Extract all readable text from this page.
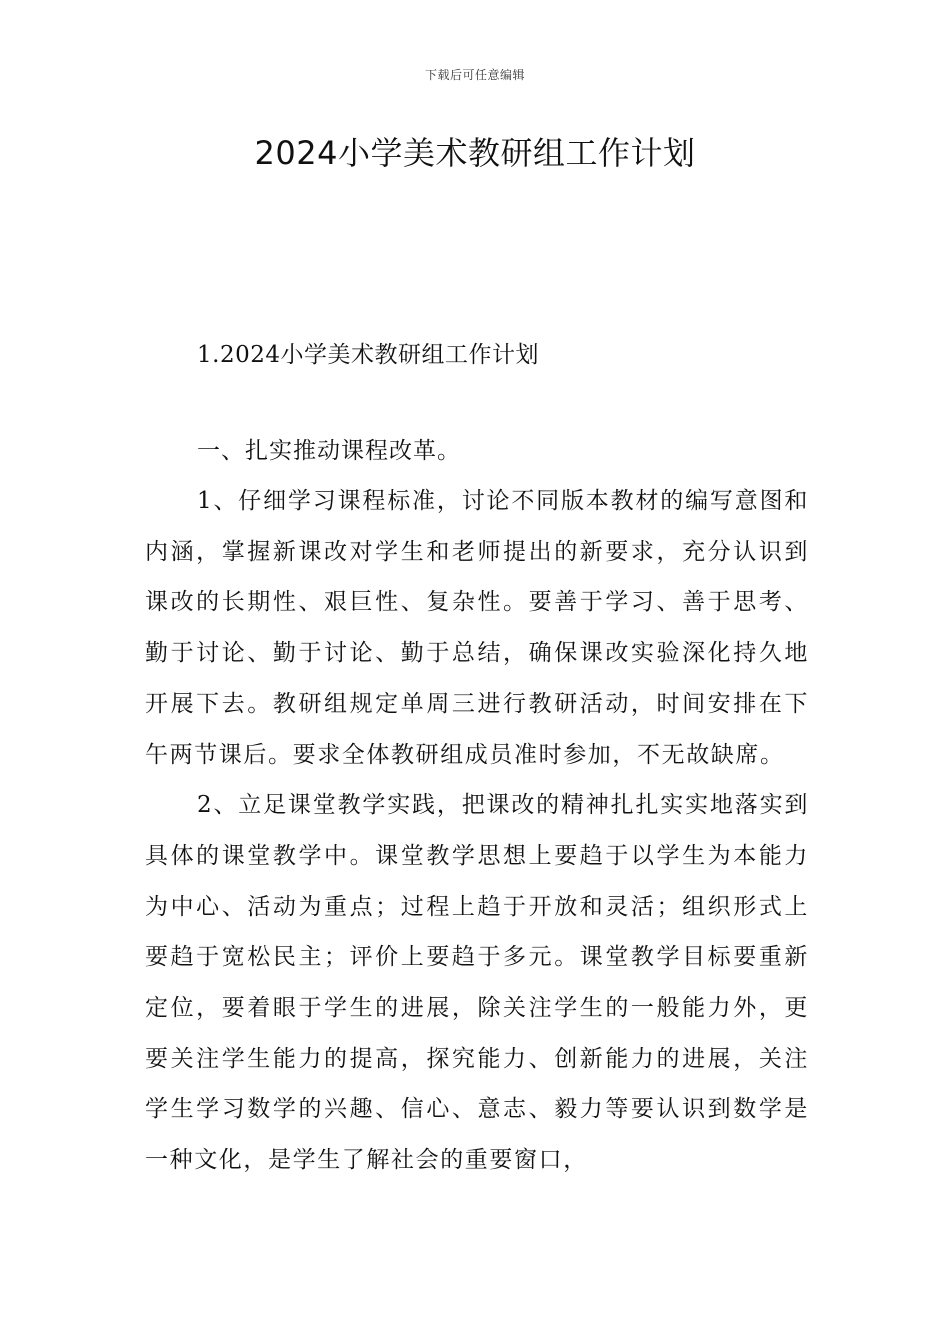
下载后可任意编辑
2024小学美术教研组工作计划
1.2024小学美术教研组工作计划
一、扎实推动课程改革。

1、仔细学习课程标准，讨论不同版本教材的编写意图和内涵，掌握新课改对学生和老师提出的新要求，充分认识到课改的长期性、艰巨性、复杂性。要善于学习、善于思考、勤于讨论、勤于讨论、勤于总结，确保课改实验深化持久地开展下去。教研组规定单周三进行教研活动，时间安排在下午两节课后。要求全体教研组成员准时参加，不无故缺席。

2、立足课堂教学实践，把课改的精神扎扎实实地落实到具体的课堂教学中。课堂教学思想上要趋于以学生为本能力为中心、活动为重点；过程上趋于开放和灵活；组织形式上要趋于宽松民主；评价上要趋于多元。课堂教学目标要重新定位，要着眼于学生的进展，除关注学生的一般能力外，更要关注学生能力的提高，探究能力、创新能力的进展，关注学生学习数学的兴趣、信心、意志、毅力等要认识到数学是一种文化，是学生了解社会的重要窗口，
